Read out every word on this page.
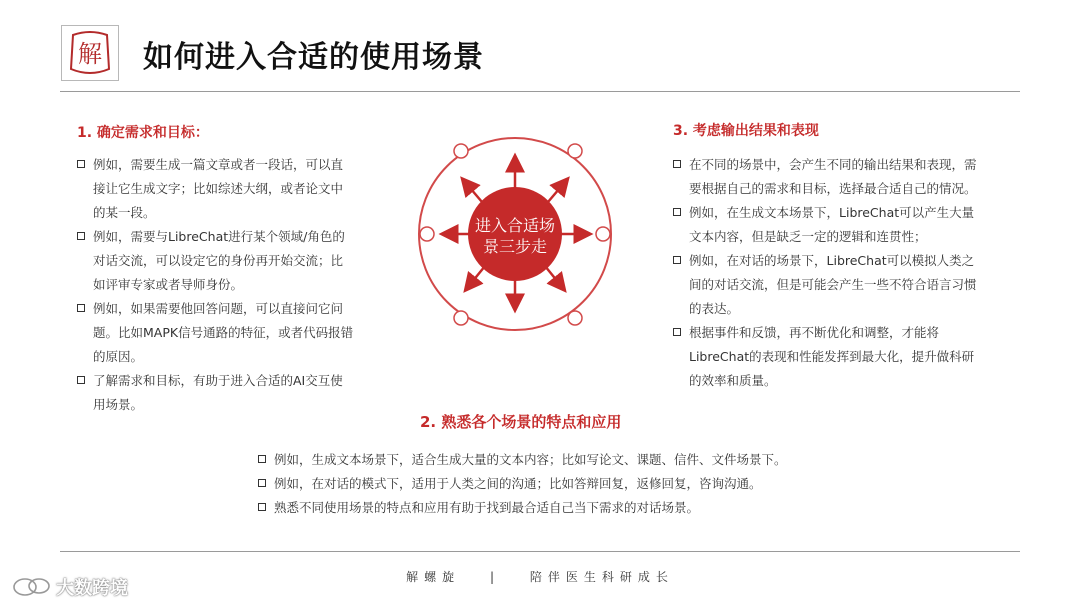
解 如何进入合适的使用场景
1. 确定需求和目标：
例如，需要生成一篇文章或者一段话，可以直
接让它生成文字；比如综述大纲，或者论文中
的某一段。
例如，需要与LibreChat进行某个领域/角色的
对话交流，可以设定它的身份再开始交流；比
如评审专家或者导师身份。
例如，如果需要他回答问题，可以直接问它问
题。比如MAPK信号通路的特征，或者代码报错
的原因。
了解需求和目标，有助于进入合适的AI交互使
用场景。
3. 考虑输出结果和表现
在不同的场景中，会产生不同的输出结果和表现，需
要根据自己的需求和目标，选择最合适自己的情况。
例如，在生成文本场景下，LibreChat可以产生大量
文本内容，但是缺乏一定的逻辑和连贯性；
例如，在对话的场景下，LibreChat可以模拟人类之
间的对话交流，但是可能会产生一些不符合语言习惯
的表达。
根据事件和反馈，再不断优化和调整，才能将
LibreChat的表现和性能发挥到最大化，提升做科研
的效率和质量。
进入合适场
景三步走
2. 熟悉各个场景的特点和应用
例如，生成文本场景下，适合生成大量的文本内容；比如写论文、课题、信件、文件场景下。
例如，在对话的模式下，适用于人类之间的沟通；比如答辩回复，返修回复，咨询沟通。
熟悉不同使用场景的特点和应用有助于找到最合适自己当下需求的对话场景。
解螺旋 | 陪伴医生科研成长
大数跨境
